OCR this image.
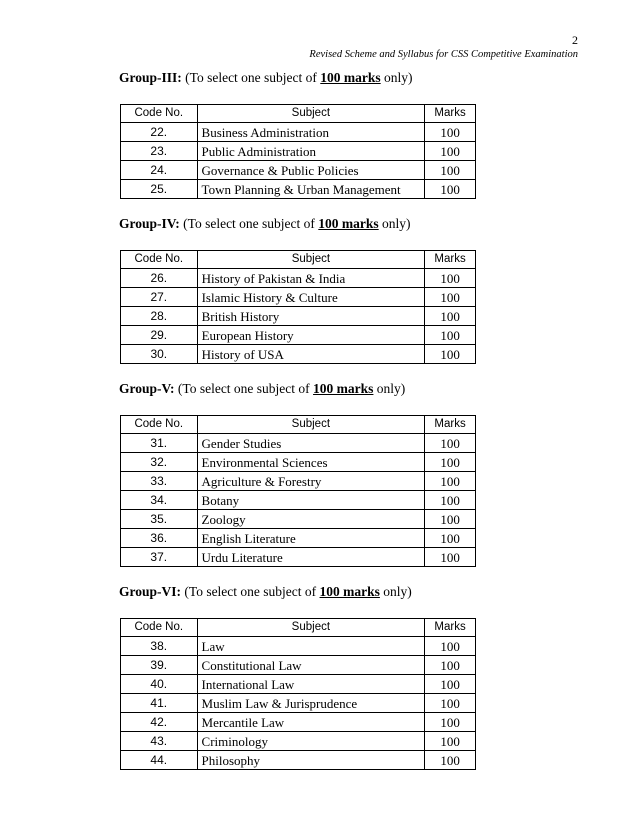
2
Revised Scheme and Syllabus for CSS Competitive Examination

Group-III: (To select one subject of 100 marks only)

Code No.	Subject	Marks
22.	Business Administration	100
23.	Public Administration	100
24.	Governance & Public Policies	100
25.	Town Planning & Urban Management	100

Group-IV: (To select one subject of 100 marks only)

Code No.	Subject	Marks
26.	History of Pakistan & India	100
27.	Islamic History & Culture	100
28.	British History	100
29.	European History	100
30.	History of USA	100

Group-V: (To select one subject of 100 marks only)

Code No.	Subject	Marks
31.	Gender Studies	100
32.	Environmental Sciences	100
33.	Agriculture & Forestry	100
34.	Botany	100
35.	Zoology	100
36.	English Literature	100
37.	Urdu Literature	100

Group-VI: (To select one subject of 100 marks only)

Code No.	Subject	Marks
38.	Law	100
39.	Constitutional Law	100
40.	International Law	100
41.	Muslim Law & Jurisprudence	100
42.	Mercantile Law	100
43.	Criminology	100
44.	Philosophy	100
